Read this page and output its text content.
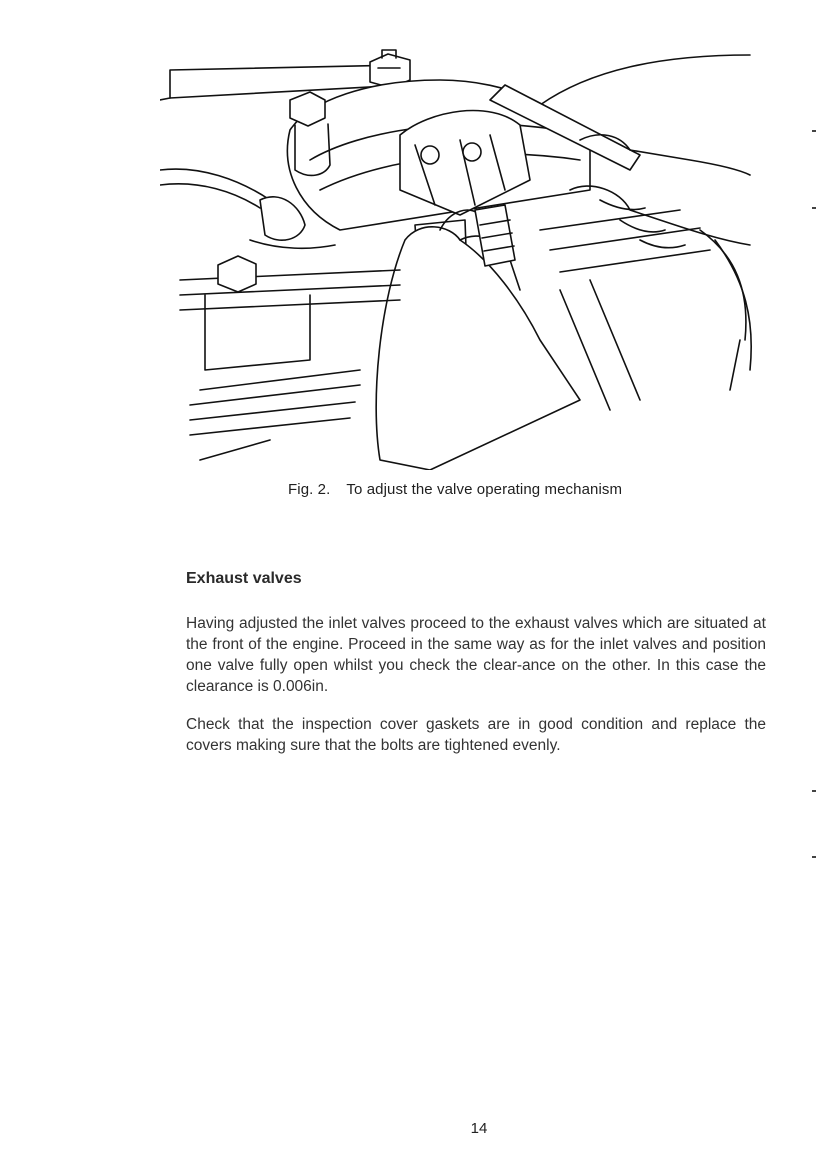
Fig. 2. To adjust the valve operating mechanism
Exhaust valves

Having adjusted the inlet valves proceed to the exhaust valves which are situated at the front of the engine. Proceed in the same way as for the inlet valves and position one valve fully open whilst you check the clear-ance on the other. In this case the clearance is 0.006in.

Check that the inspection cover gaskets are in good condition and replace the covers making sure that the bolts are tightened evenly.

14
